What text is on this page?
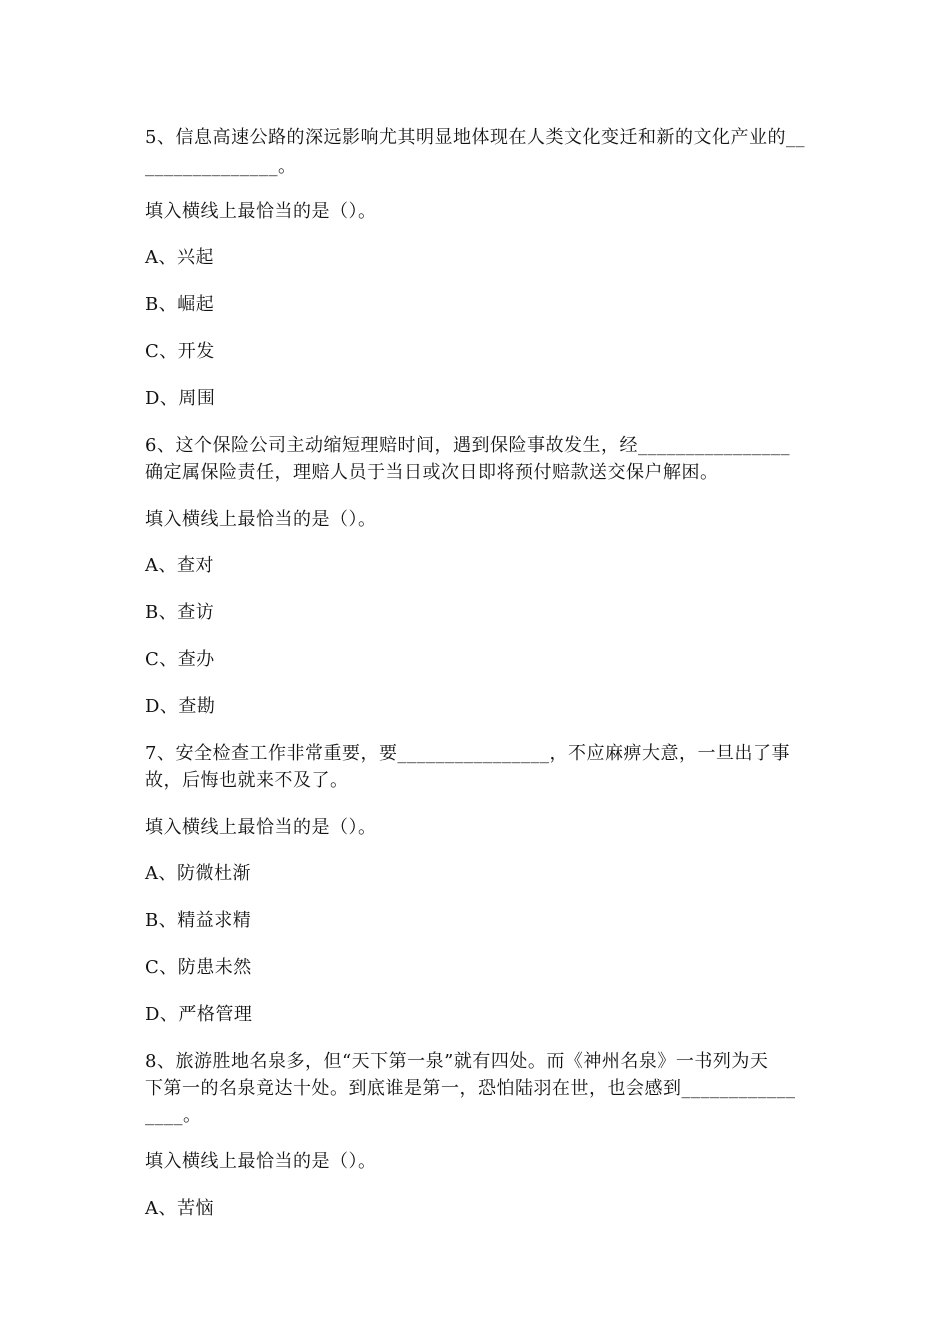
5、信息高速公路的深远影响尤其明显地体现在人类文化变迁和新的文化产业的__
______________。
填入横线上最恰当的是（）。
A、兴起
B、崛起
C、开发
D、周围
6、这个保险公司主动缩短理赔时间，遇到保险事故发生，经________________
确定属保险责任，理赔人员于当日或次日即将预付赔款送交保户解困。
填入横线上最恰当的是（）。
A、查对
B、查访
C、查办
D、查勘
7、安全检查工作非常重要，要________________，不应麻痹大意，一旦出了事
故，后悔也就来不及了。
填入横线上最恰当的是（）。
A、防微杜渐
B、精益求精
C、防患未然
D、严格管理
8、旅游胜地名泉多，但“天下第一泉”就有四处。而《神州名泉》一书列为天
下第一的名泉竟达十处。到底谁是第一，恐怕陆羽在世，也会感到____________
____。
填入横线上最恰当的是（）。
A、苦恼
